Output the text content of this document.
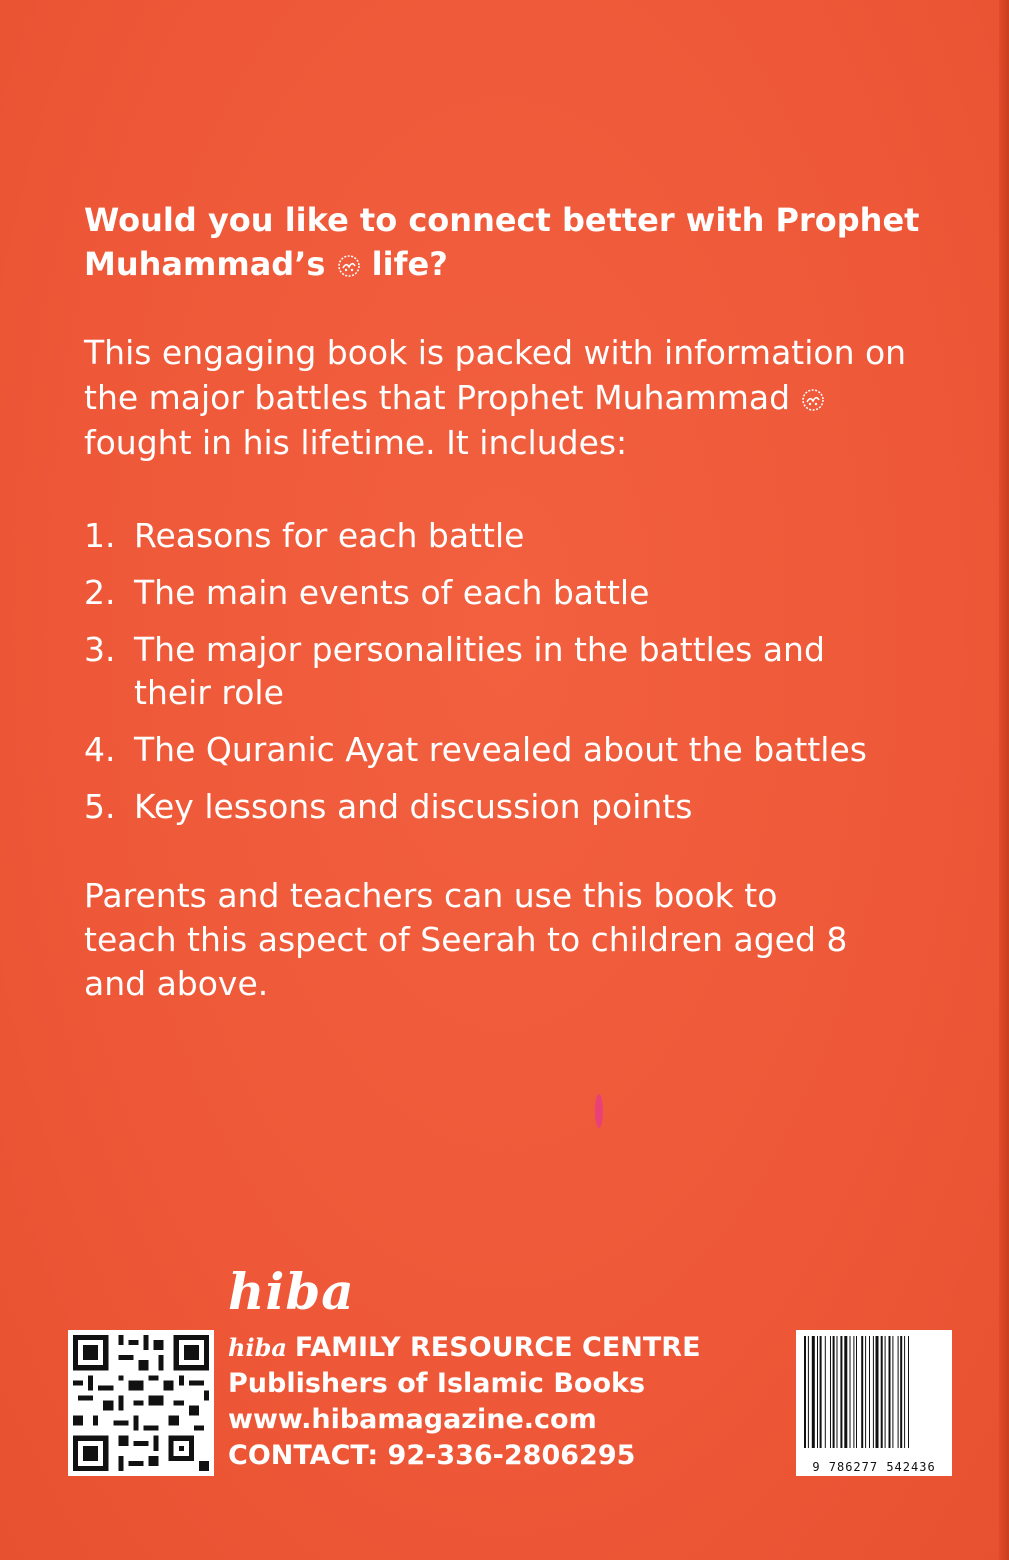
Would you like to connect better with Prophet
Muhammad’s life?
This engaging book is packed with information on
the major battles that Prophet Muhammad
fought in his lifetime. It includes:
1. Reasons for each battle
2. The main events of each battle
3. The major personalities in the battles and
their role
4. The Quranic Ayat revealed about the battles
5. Key lessons and discussion points
Parents and teachers can use this book to
teach this aspect of Seerah to children aged 8
and above.
hiba
hiba FAMILY RESOURCE CENTRE
Publishers of Islamic Books
www.hibamagazine.com
CONTACT: 92-336-2806295	9 786277 542436
